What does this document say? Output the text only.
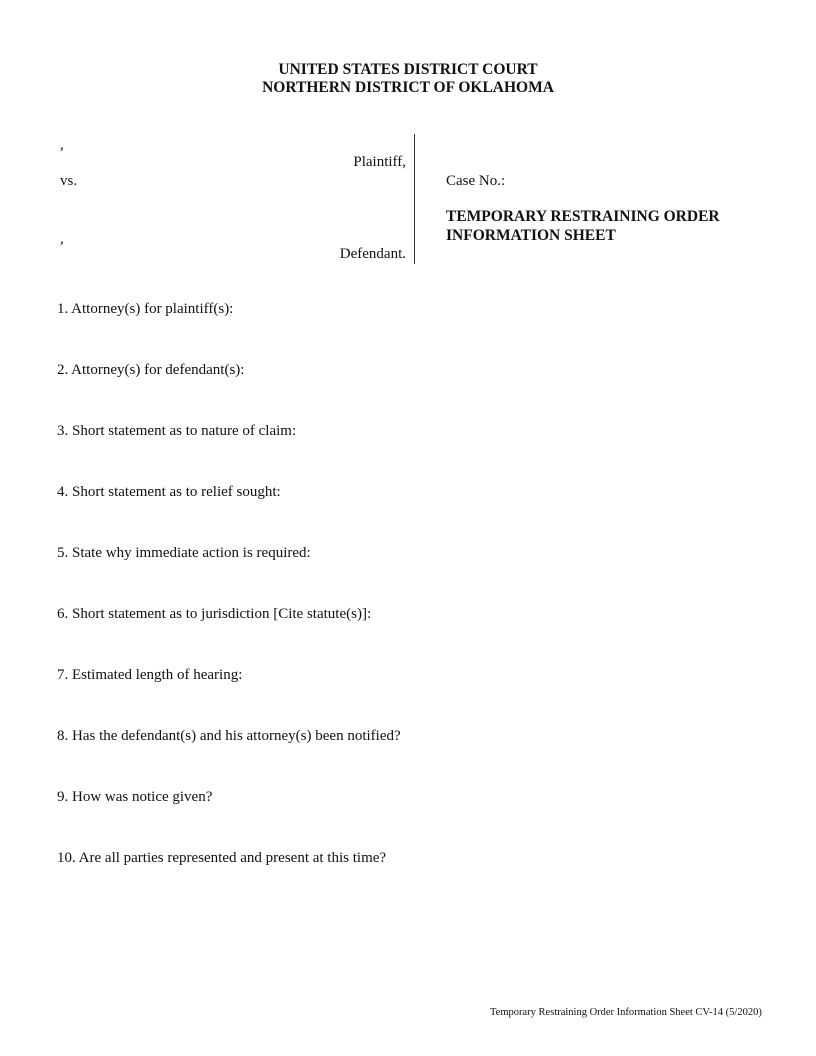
UNITED STATES DISTRICT COURT
NORTHERN DISTRICT OF OKLAHOMA
,
Plaintiff,
vs.
,
Defendant.
Case No.:
TEMPORARY RESTRAINING ORDER
INFORMATION SHEET
1. Attorney(s) for plaintiff(s):
2. Attorney(s) for defendant(s):
3. Short statement as to nature of claim:
4. Short statement as to relief sought:
5. State why immediate action is required:
6. Short statement as to jurisdiction [Cite statute(s)]:
7. Estimated length of hearing:
8. Has the defendant(s) and his attorney(s) been notified?
9. How was notice given?
10. Are all parties represented and present at this time?
Temporary Restraining Order Information Sheet CV-14 (5/2020)
